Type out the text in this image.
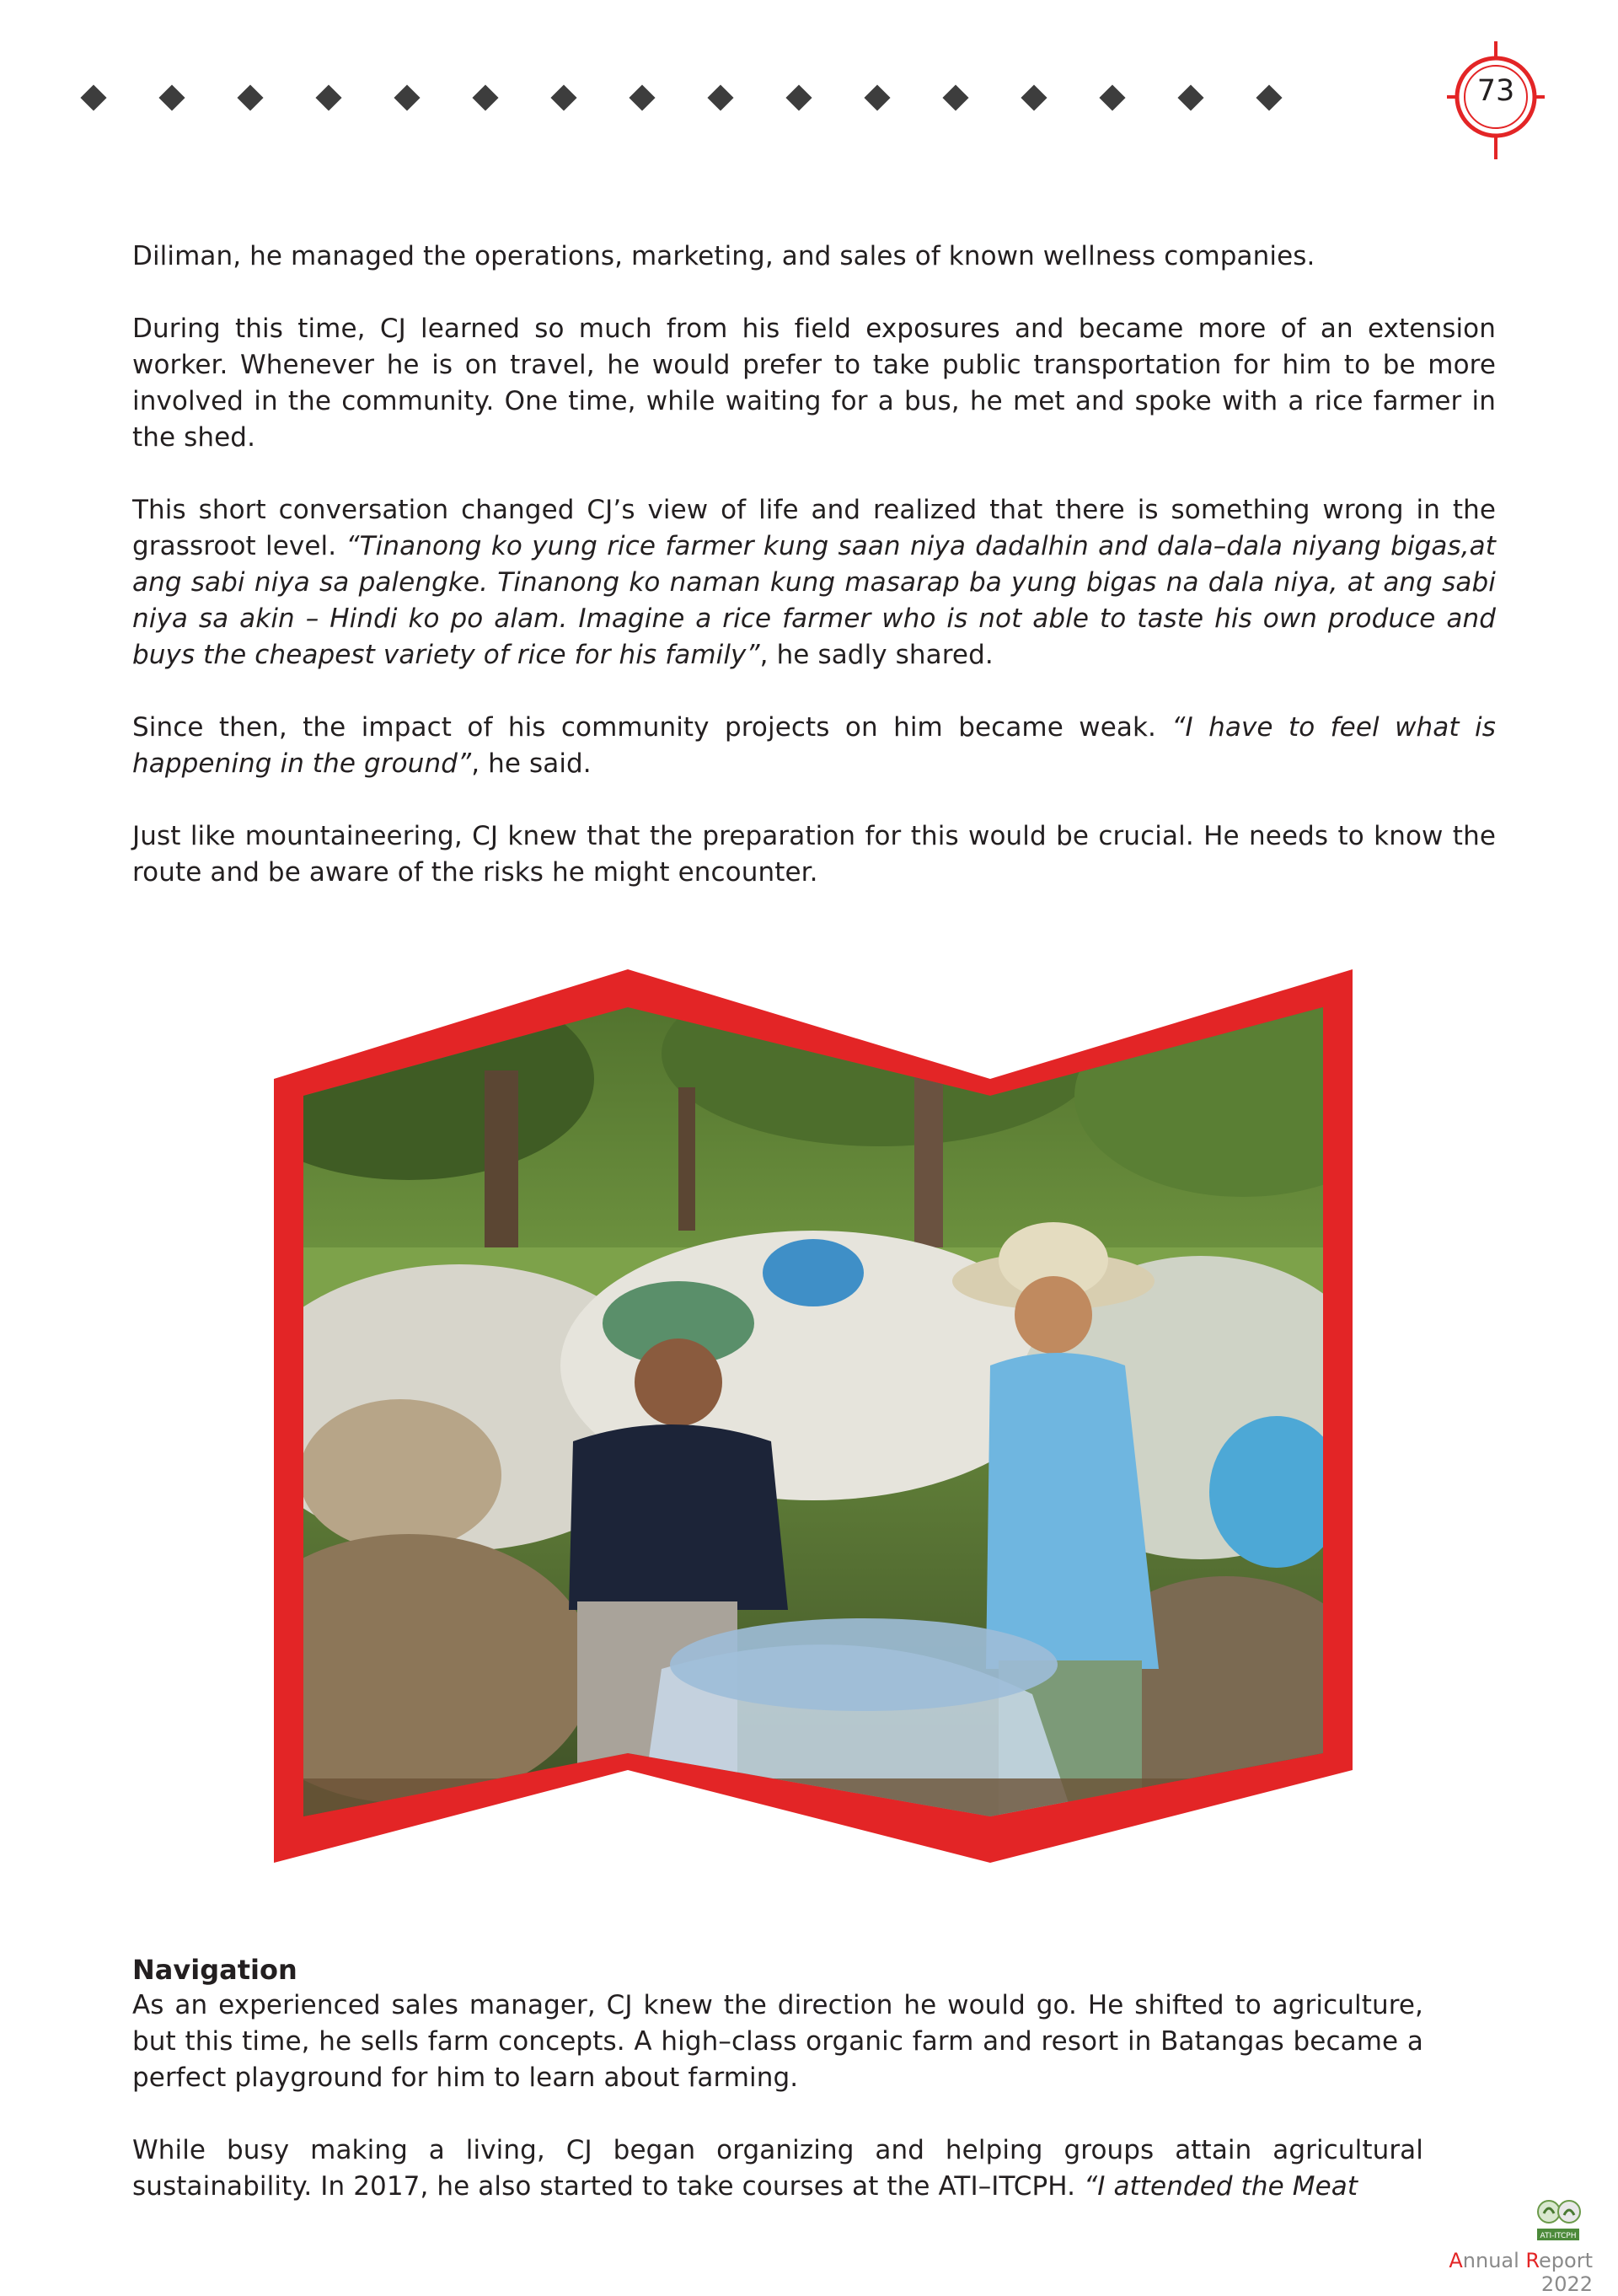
73

Diliman, he managed the operations, marketing, and sales of known wellness companies.

During this time, CJ learned so much from his field exposures and became more of an extension worker. Whenever he is on travel, he would prefer to take public transportation for him to be more involved in the community. One time, while waiting for a bus, he met and spoke with a rice farmer in the shed.

This short conversation changed CJ’s view of life and realized that there is something wrong in the grassroot level. “Tinanong ko yung rice farmer kung saan niya dadalhin and dala–dala niyang bigas,at ang sabi niya sa palengke. Tinanong ko naman kung masarap ba yung bigas na dala niya, at ang sabi niya sa akin – Hindi ko po alam. Imagine a rice farmer who is not able to taste his own produce and buys the cheapest variety of rice for his family”, he sadly shared.

Since then, the impact of his community projects on him became weak. “I have to feel what is happening in the ground”, he said.

Just like mountaineering, CJ knew that the preparation for this would be crucial. He needs to know the route and be aware of the risks he might encounter.

Navigation

As an experienced sales manager, CJ knew the direction he would go. He shifted to agriculture, but this time, he sells farm concepts. A high–class organic farm and resort in Batangas became a perfect playground for him to learn about farming.

While busy making a living, CJ began organizing and helping groups attain agricultural sustainability. In 2017, he also started to take courses at the ATI–ITCPH. “I attended the Meat

ATI-ITCPH
Annual Report 2022
